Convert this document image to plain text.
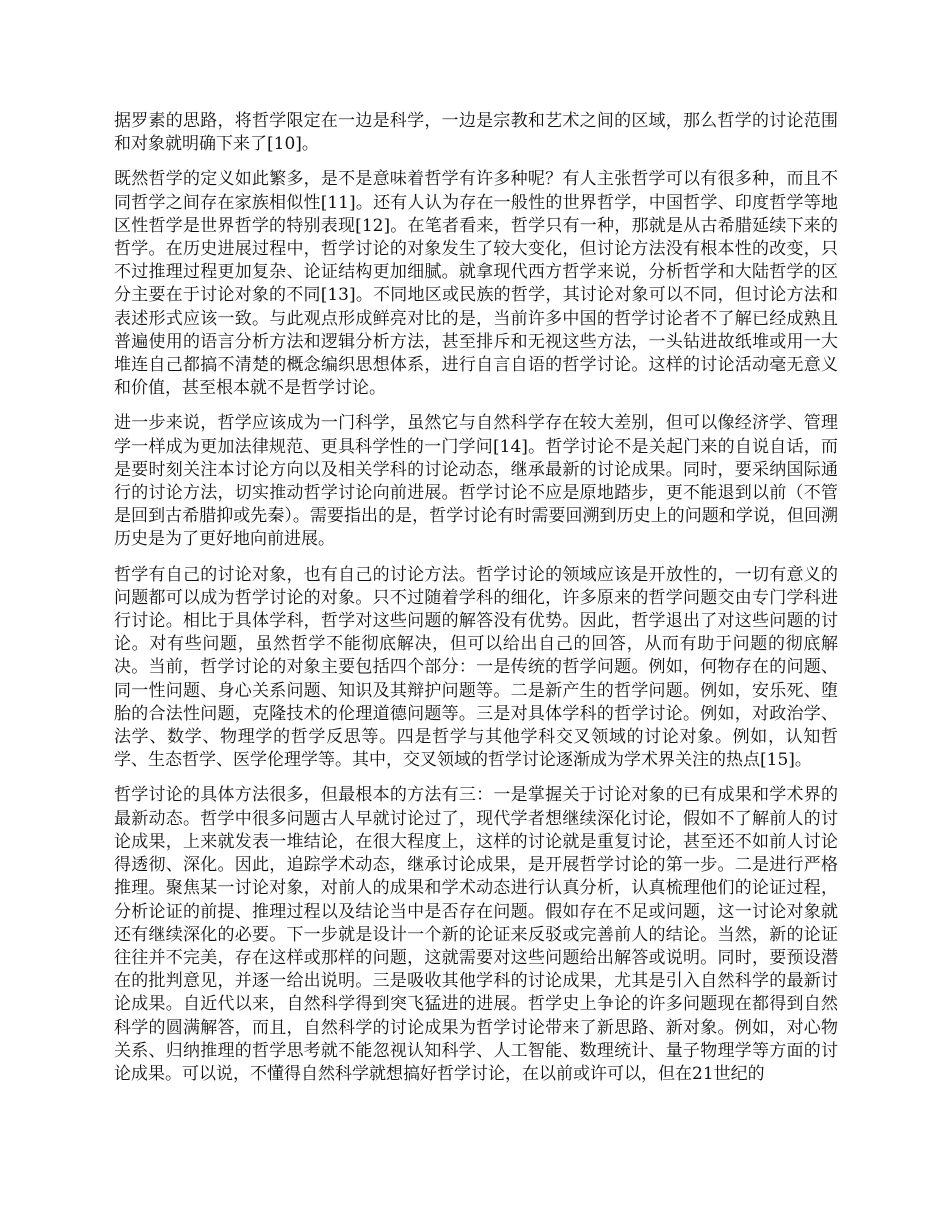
据罗素的思路，将哲学限定在一边是科学，一边是宗教和艺术之间的区域，那么哲学的讨论范围和对象就明确下来了[10]。

既然哲学的定义如此繁多，是不是意味着哲学有许多种呢？有人主张哲学可以有很多种，而且不同哲学之间存在家族相似性[11]。还有人认为存在一般性的世界哲学，中国哲学、印度哲学等地区性哲学是世界哲学的特别表现[12]。在笔者看来，哲学只有一种，那就是从古希腊延续下来的哲学。在历史进展过程中，哲学讨论的对象发生了较大变化，但讨论方法没有根本性的改变，只不过推理过程更加复杂、论证结构更加细腻。就拿现代西方哲学来说，分析哲学和大陆哲学的区分主要在于讨论对象的不同[13]。不同地区或民族的哲学，其讨论对象可以不同，但讨论方法和表述形式应该一致。与此观点形成鲜亮对比的是，当前许多中国的哲学讨论者不了解已经成熟且普遍使用的语言分析方法和逻辑分析方法，甚至排斥和无视这些方法，一头钻进故纸堆或用一大堆连自己都搞不清楚的概念编织思想体系，进行自言自语的哲学讨论。这样的讨论活动毫无意义和价值，甚至根本就不是哲学讨论。

进一步来说，哲学应该成为一门科学，虽然它与自然科学存在较大差别，但可以像经济学、管理学一样成为更加法律规范、更具科学性的一门学问[14]。哲学讨论不是关起门来的自说自话，而是要时刻关注本讨论方向以及相关学科的讨论动态，继承最新的讨论成果。同时，要采纳国际通行的讨论方法，切实推动哲学讨论向前进展。哲学讨论不应是原地踏步，更不能退到以前（不管是回到古希腊抑或先秦）。需要指出的是，哲学讨论有时需要回溯到历史上的问题和学说，但回溯历史是为了更好地向前进展。

哲学有自己的讨论对象，也有自己的讨论方法。哲学讨论的领域应该是开放性的，一切有意义的问题都可以成为哲学讨论的对象。只不过随着学科的细化，许多原来的哲学问题交由专门学科进行讨论。相比于具体学科，哲学对这些问题的解答没有优势。因此，哲学退出了对这些问题的讨论。对有些问题，虽然哲学不能彻底解决，但可以给出自己的回答，从而有助于问题的彻底解决。当前，哲学讨论的对象主要包括四个部分：一是传统的哲学问题。例如，何物存在的问题、同一性问题、身心关系问题、知识及其辩护问题等。二是新产生的哲学问题。例如，安乐死、堕胎的合法性问题，克隆技术的伦理道德问题等。三是对具体学科的哲学讨论。例如，对政治学、法学、数学、物理学的哲学反思等。四是哲学与其他学科交叉领域的讨论对象。例如，认知哲学、生态哲学、医学伦理学等。其中，交叉领域的哲学讨论逐渐成为学术界关注的热点[15]。

哲学讨论的具体方法很多，但最根本的方法有三：一是掌握关于讨论对象的已有成果和学术界的最新动态。哲学中很多问题古人早就讨论过了，现代学者想继续深化讨论，假如不了解前人的讨论成果，上来就发表一堆结论，在很大程度上，这样的讨论就是重复讨论，甚至还不如前人讨论得透彻、深化。因此，追踪学术动态，继承讨论成果，是开展哲学讨论的第一步。二是进行严格推理。聚焦某一讨论对象，对前人的成果和学术动态进行认真分析，认真梳理他们的论证过程，分析论证的前提、推理过程以及结论当中是否存在问题。假如存在不足或问题，这一讨论对象就还有继续深化的必要。下一步就是设计一个新的论证来反驳或完善前人的结论。当然，新的论证往往并不完美，存在这样或那样的问题，这就需要对这些问题给出解答或说明。同时，要预设潜在的批判意见，并逐一给出说明。三是吸收其他学科的讨论成果，尤其是引入自然科学的最新讨论成果。自近代以来，自然科学得到突飞猛进的进展。哲学史上争论的许多问题现在都得到自然科学的圆满解答，而且，自然科学的讨论成果为哲学讨论带来了新思路、新对象。例如，对心物关系、归纳推理的哲学思考就不能忽视认知科学、人工智能、数理统计、量子物理学等方面的讨论成果。可以说，不懂得自然科学就想搞好哲学讨论，在以前或许可以，但在21世纪的
